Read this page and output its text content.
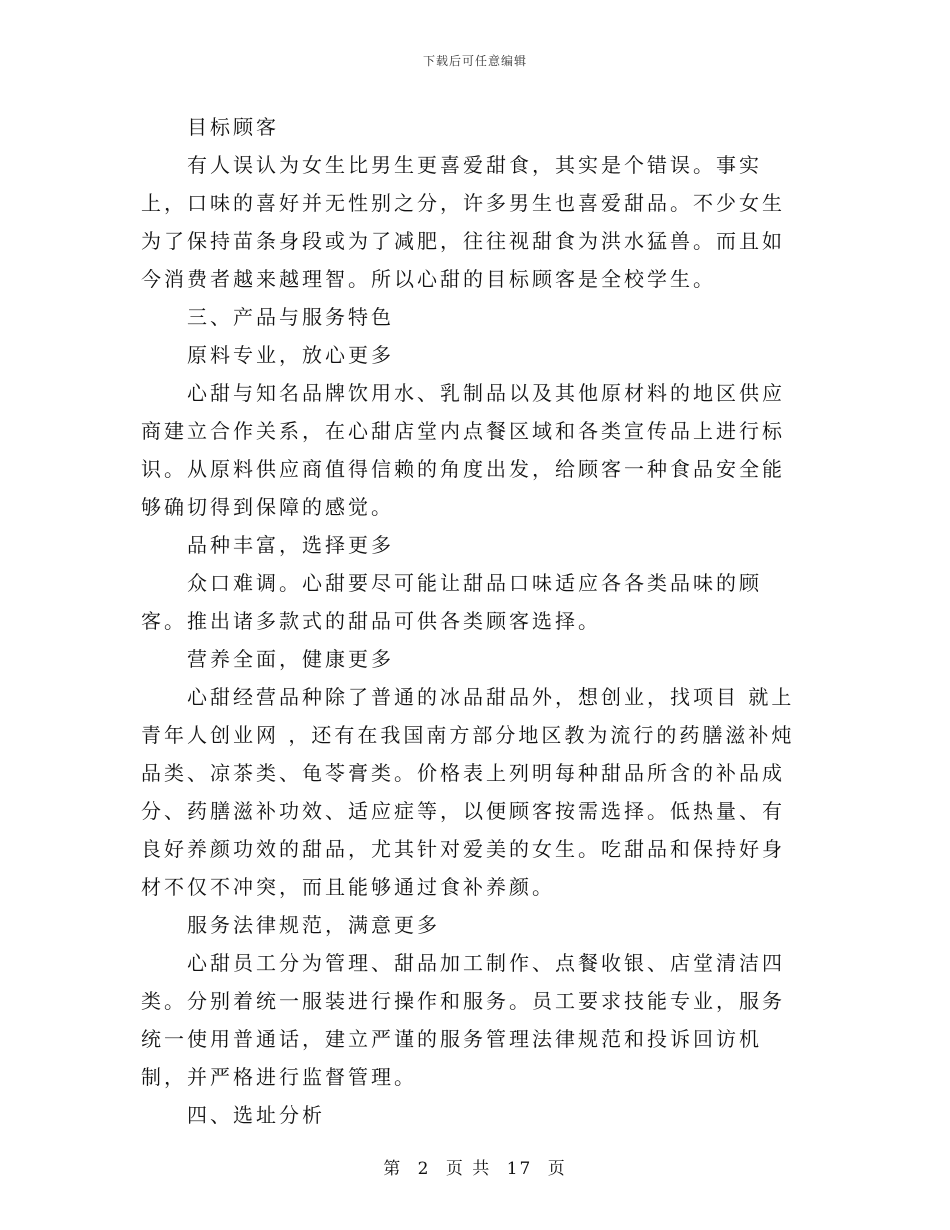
下载后可任意编辑

目标顾客

有人误认为女生比男生更喜爱甜食，其实是个错误。事实上，口味的喜好并无性别之分，许多男生也喜爱甜品。不少女生为了保持苗条身段或为了减肥，往往视甜食为洪水猛兽。而且如今消费者越来越理智。所以心甜的目标顾客是全校学生。

三、产品与服务特色

原料专业，放心更多

心甜与知名品牌饮用水、乳制品以及其他原材料的地区供应商建立合作关系，在心甜店堂内点餐区域和各类宣传品上进行标识。从原料供应商值得信赖的角度出发，给顾客一种食品安全能够确切得到保障的感觉。

品种丰富，选择更多

众口难调。心甜要尽可能让甜品口味适应各各类品味的顾客。推出诸多款式的甜品可供各类顾客选择。

营养全面，健康更多

心甜经营品种除了普通的冰品甜品外，想创业，找项目 就上青年人创业网 ，还有在我国南方部分地区教为流行的药膳滋补炖品类、凉茶类、龟苓膏类。价格表上列明每种甜品所含的补品成分、药膳滋补功效、适应症等，以便顾客按需选择。低热量、有良好养颜功效的甜品，尤其针对爱美的女生。吃甜品和保持好身材不仅不冲突，而且能够通过食补养颜。

服务法律规范，满意更多

心甜员工分为管理、甜品加工制作、点餐收银、店堂清洁四类。分别着统一服装进行操作和服务。员工要求技能专业，服务统一使用普通话，建立严谨的服务管理法律规范和投诉回访机制，并严格进行监督管理。

四、选址分析

第 2 页 共 17 页
